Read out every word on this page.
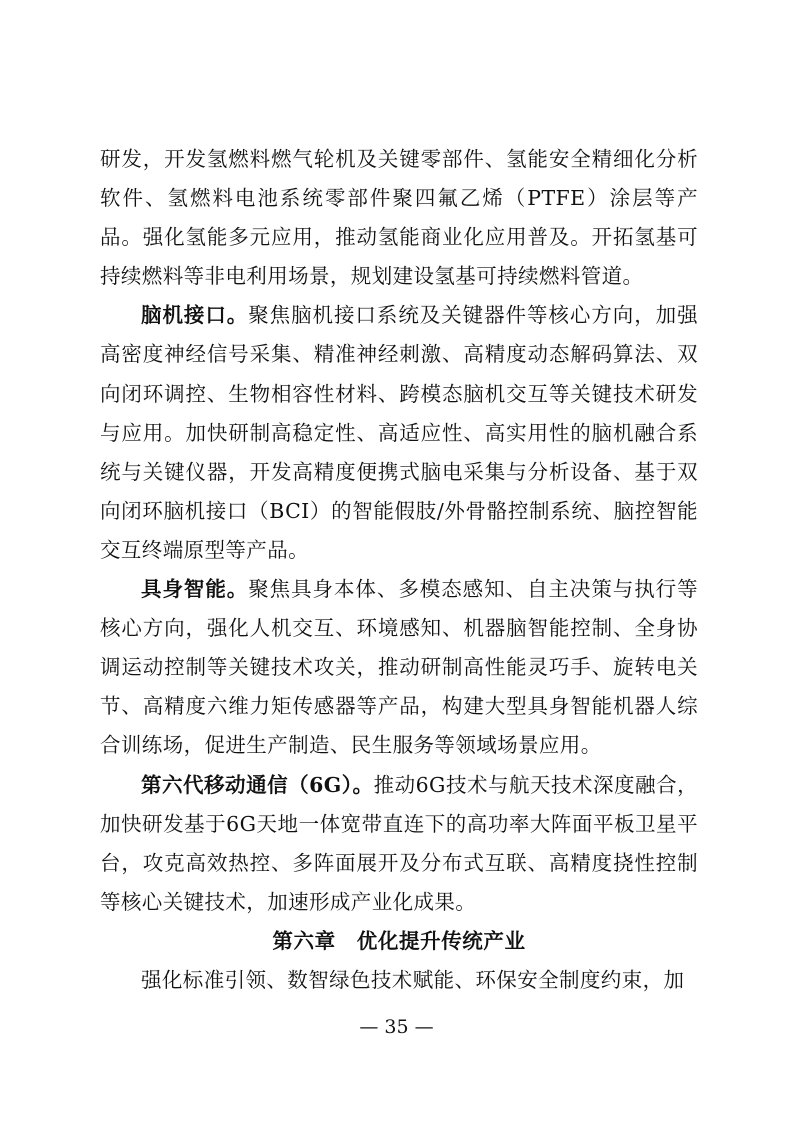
研发，开发氢燃料燃气轮机及关键零部件、氢能安全精细化分析软件、氢燃料电池系统零部件聚四氟乙烯（PTFE）涂层等产品。强化氢能多元应用，推动氢能商业化应用普及。开拓氢基可持续燃料等非电利用场景，规划建设氢基可持续燃料管道。

脑机接口。聚焦脑机接口系统及关键器件等核心方向，加强高密度神经信号采集、精准神经刺激、高精度动态解码算法、双向闭环调控、生物相容性材料、跨模态脑机交互等关键技术研发与应用。加快研制高稳定性、高适应性、高实用性的脑机融合系统与关键仪器，开发高精度便携式脑电采集与分析设备、基于双向闭环脑机接口（BCI）的智能假肢/外骨骼控制系统、脑控智能交互终端原型等产品。

具身智能。聚焦具身本体、多模态感知、自主决策与执行等核心方向，强化人机交互、环境感知、机器脑智能控制、全身协调运动控制等关键技术攻关，推动研制高性能灵巧手、旋转电关节、高精度六维力矩传感器等产品，构建大型具身智能机器人综合训练场，促进生产制造、民生服务等领域场景应用。

第六代移动通信（6G）。推动6G技术与航天技术深度融合，加快研发基于6G天地一体宽带直连下的高功率大阵面平板卫星平台，攻克高效热控、多阵面展开及分布式互联、高精度挠性控制等核心关键技术，加速形成产业化成果。

第六章　优化提升传统产业

强化标准引领、数智绿色技术赋能、环保安全制度约束，加

— 35 —
